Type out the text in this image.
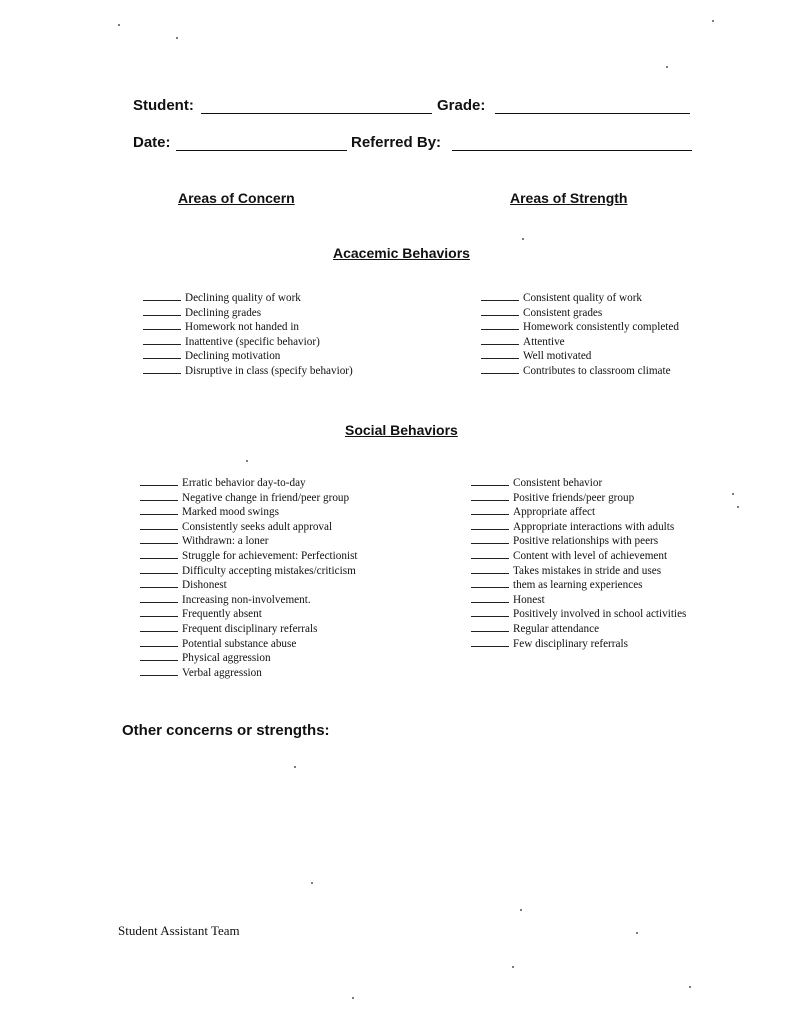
Student:	Grade:
Date:	Referred By:
Areas of Concern	Areas of Strength
Acacemic Behaviors
Declining quality of work
Declining grades
Homework not handed in
Inattentive (specific behavior)
Declining motivation
Disruptive in class (specify behavior)
Consistent quality of work
Consistent grades
Homework consistently completed
Attentive
Well motivated
Contributes to classroom climate
Social Behaviors
Erratic behavior day-to-day
Negative change in friend/peer group
Marked mood swings
Consistently seeks adult approval
Withdrawn: a loner
Struggle for achievement: Perfectionist
Difficulty accepting mistakes/criticism
Dishonest
Increasing non-involvement.
Frequently absent
Frequent disciplinary referrals
Potential substance abuse
Physical aggression
Verbal aggression
Consistent behavior
Positive friends/peer group
Appropriate affect
Appropriate interactions with adults
Positive relationships with peers
Content with level of achievement
Takes mistakes in stride and uses
them as learning experiences
Honest
Positively involved in school activities
Regular attendance
Few disciplinary referrals
Other concerns or strengths:
Student Assistant Team
